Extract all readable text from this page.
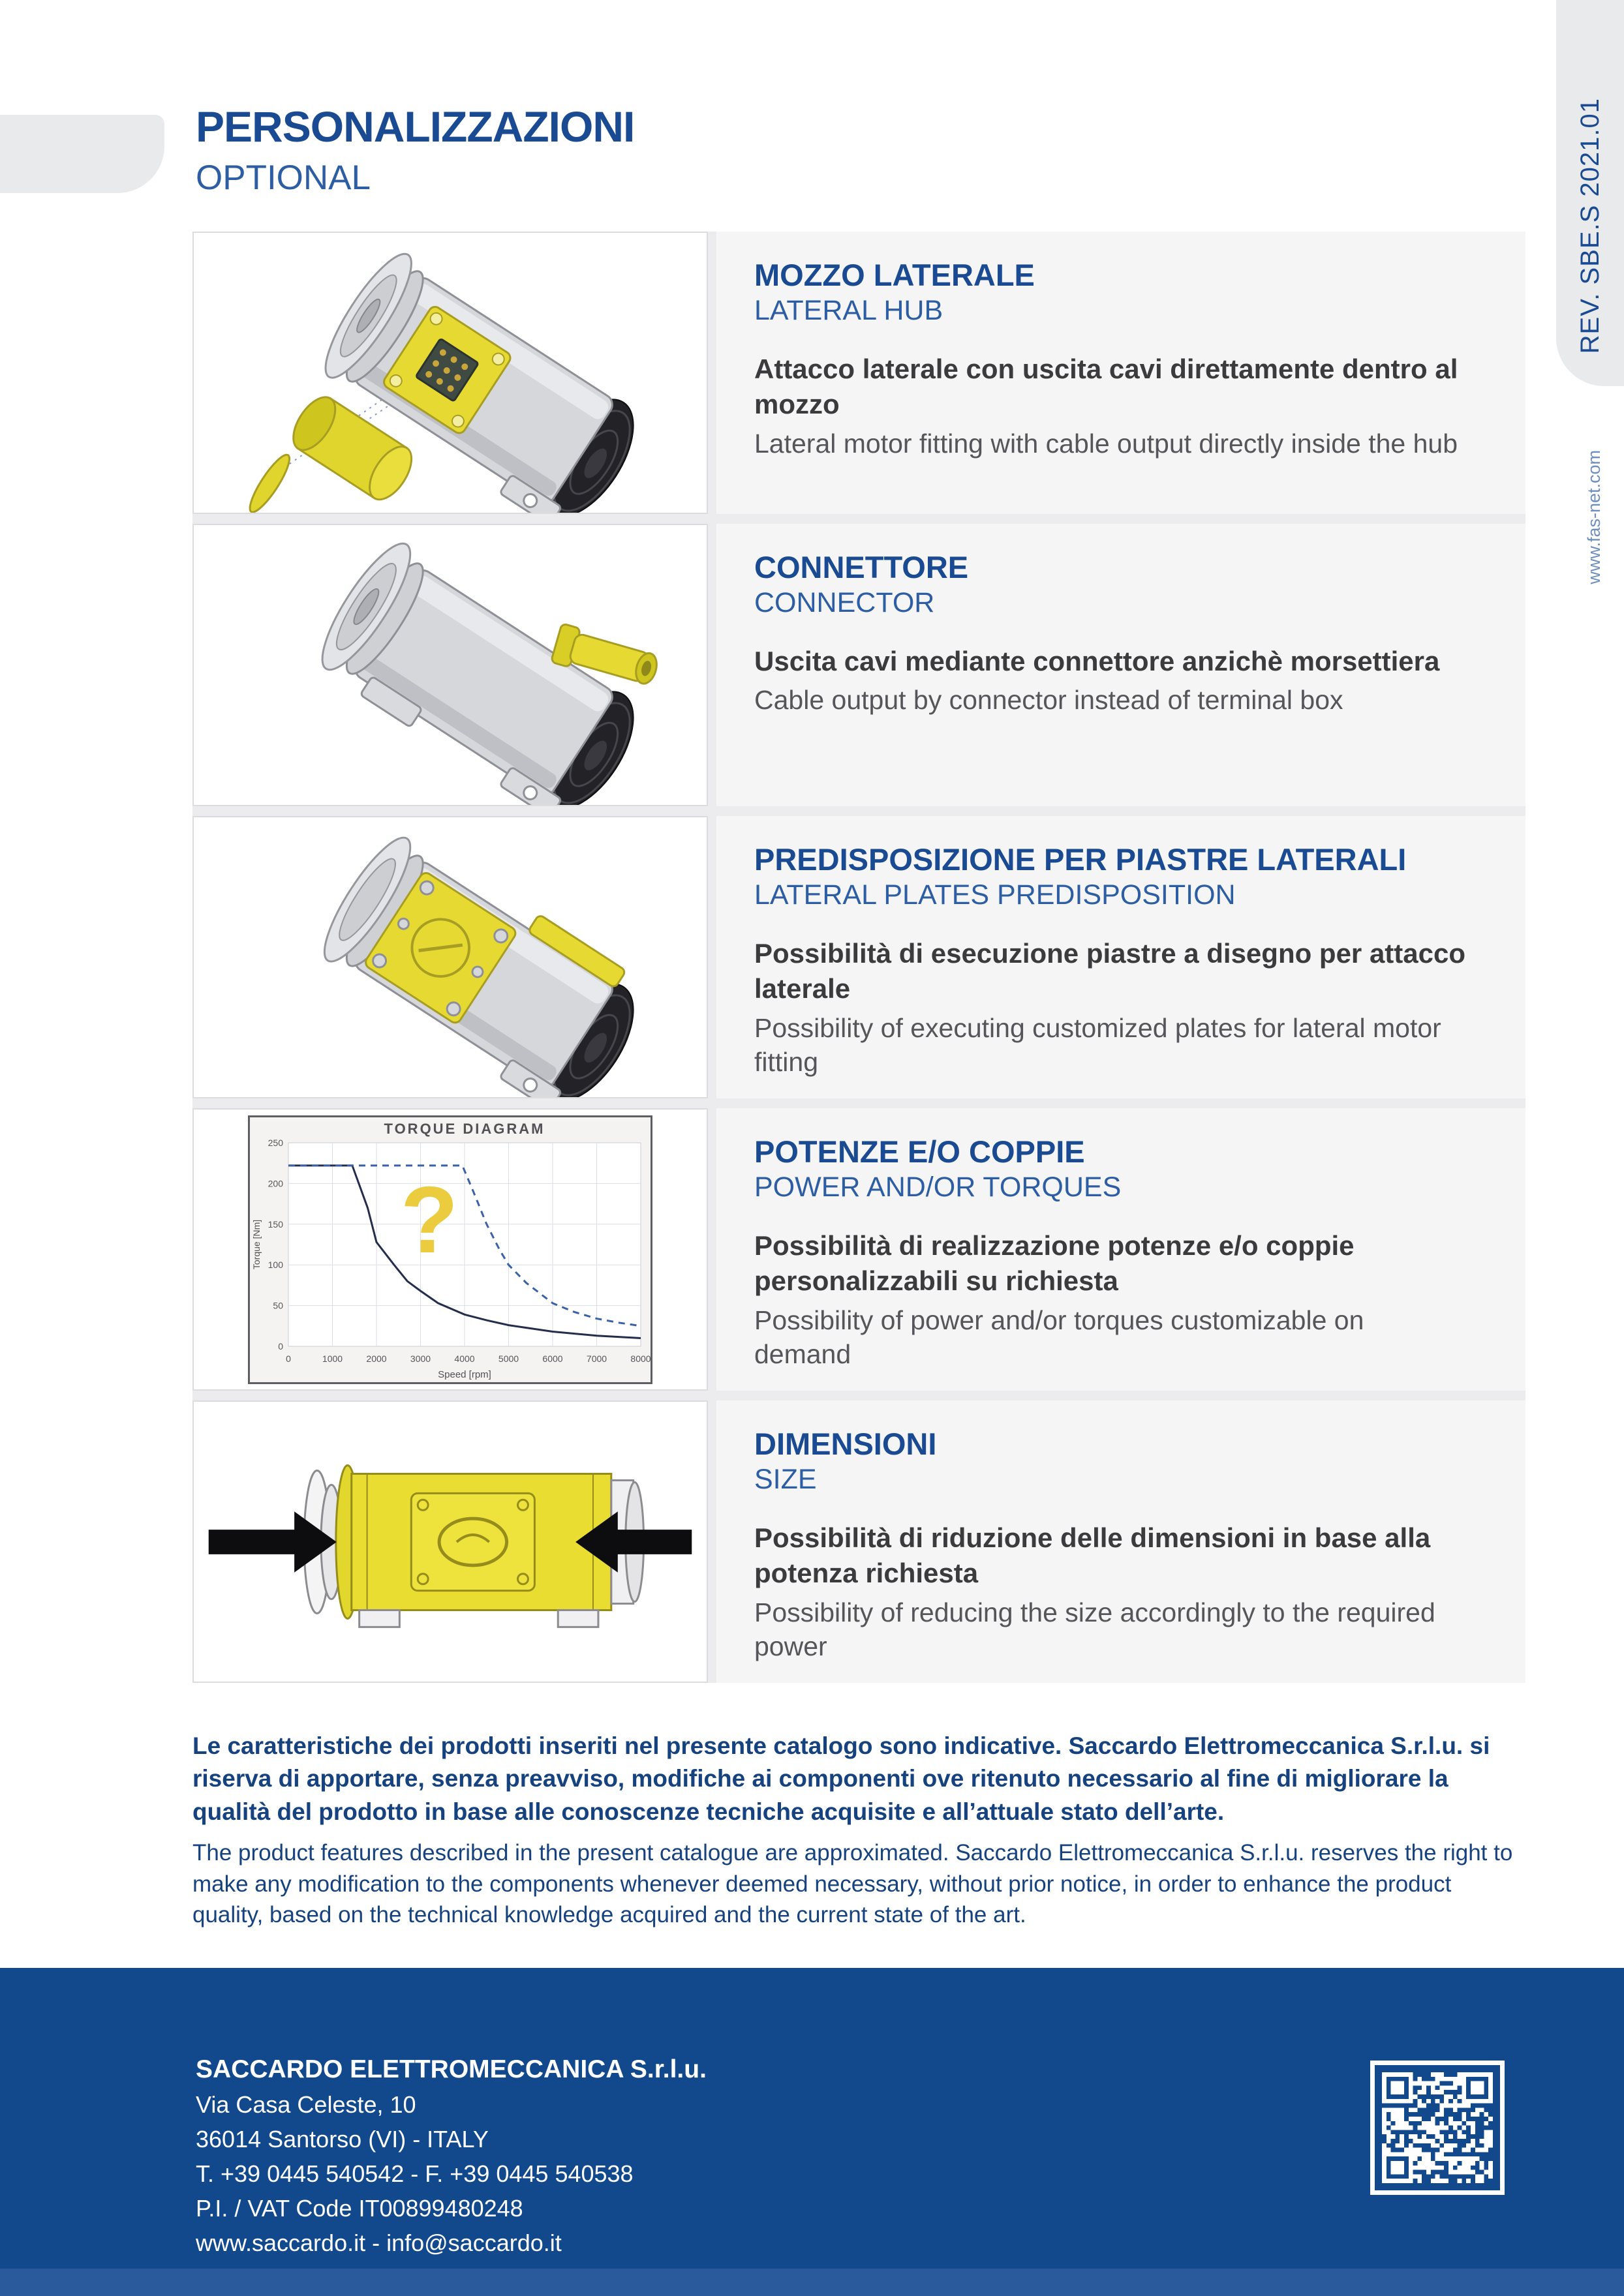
PERSONALIZZAZIONI
OPTIONAL	REV. SBE.S 2021.01
www.fas-net.com
MOZZO LATERALE
LATERAL HUB
Attacco laterale con uscita cavi direttamente dentro al mozzo
Lateral motor fitting with cable output directly inside the hub
CONNETTORE
CONNECTOR
Uscita cavi mediante connettore anzichè morsettiera
Cable output by connector instead of terminal box
PREDISPOSIZIONE PER PIASTRE LATERALI
LATERAL PLATES PREDISPOSITION
Possibilità di esecuzione piastre a disegno per attacco laterale
Possibility of executing customized plates for lateral motor fitting
TORQUE DIAGRAM
Speed [rpm]
Torque [Nm]
0
50
100
150
200
250
0	1000	2000	3000	4000	5000	6000	7000	8000
?
POTENZE E/O COPPIE
POWER AND/OR TORQUES
Possibilità di realizzazione potenze e/o coppie personalizzabili su richiesta
Possibility of power and/or torques customizable on demand
DIMENSIONI
SIZE
Possibilità di riduzione delle dimensioni in base alla potenza richiesta
Possibility of reducing the size accordingly to the required power

Le caratteristiche dei prodotti inseriti nel presente catalogo sono indicative. Saccardo Elettromeccanica S.r.l.u. si riserva di apportare, senza preavviso, modifiche ai componenti ove ritenuto necessario al fine di migliorare la qualità del prodotto in base alle conoscenze tecniche acquisite e all’attuale stato dell’arte.

The product features described in the present catalogue are approximated. Saccardo Elettromeccanica S.r.l.u. reserves the right to make any modification to the components whenever deemed necessary, without prior notice, in order to enhance the product quality, based on the technical knowledge acquired and the current state of the art.

SACCARDO ELETTROMECCANICA S.r.l.u.
Via Casa Celeste, 10
36014 Santorso (VI) - ITALY
T. +39 0445 540542 - F. +39 0445 540538
P.I. / VAT Code IT00899480248
www.saccardo.it - info@saccardo.it
